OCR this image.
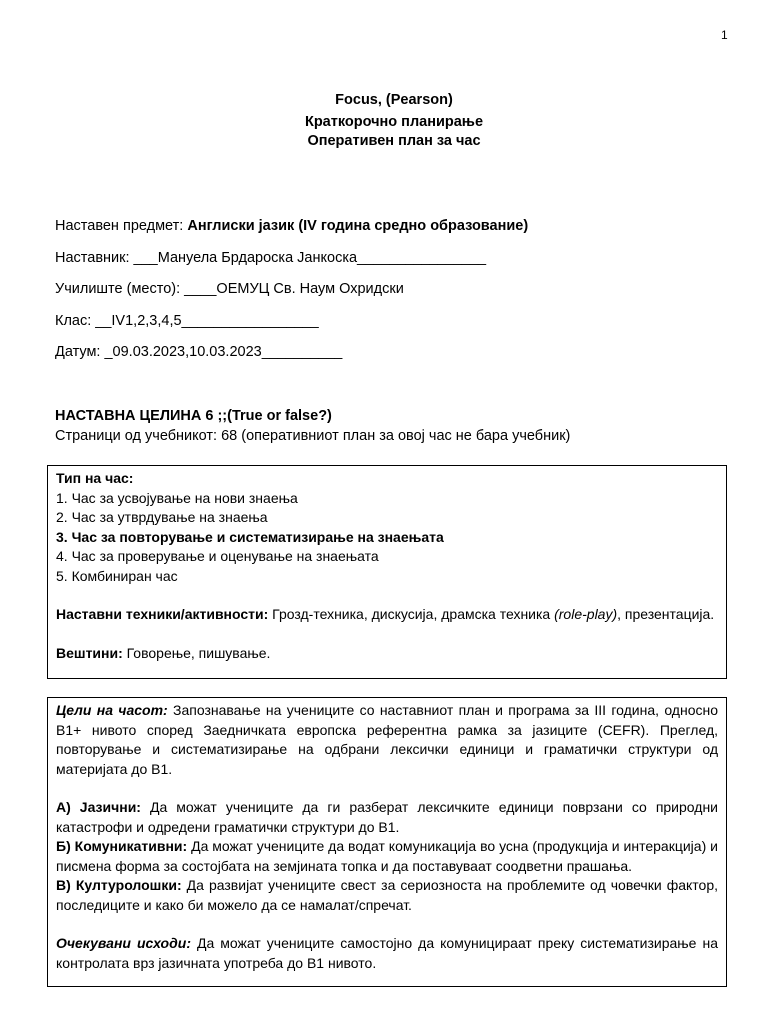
1
Focus, (Pearson)
Краткорочно планирање
Оперативен план за час
Наставен предмет: Англиски јазик (IV година средно образование)
Наставник: ___Мануела Брдароска Јанкоска________________
Училиште (место): ____ОЕМУЦ Св. Наум Охридски
Клас: __IV1,2,3,4,5_________________
Датум: _09.03.2023,10.03.2023__________
НАСТАВНА ЦЕЛИНА 6 ;;(True or false?)
Страници од учебникот: 68 (оперативниот план за овој час не бара учебник)

Тип на час:

1. Час за усвојување на нови знаења

2. Час за утврдување на знаења

3. Час за повторување и систематизирање на знаењата

4. Час за проверување и оценување на знаењата

5. Комбиниран час

Наставни техники/активности: Грозд-техника, дискусија, драмска техника (role-play), презентација.

Вештини: Говорење, пишување.

Цели на часот: Запознавање на учениците со наставниот план и програма за III година, односно B1+ нивото според Заедничката европска референтна рамка за јазиците (CEFR). Преглед, повторување и систематизирање на одбрани лексички единици и граматички структури од материјата до B1.

А) Јазични: Да можат учениците да ги разберат лексичките единици поврзани со природни катастрофи и одредени граматички структури до B1.

Б) Комуникативни: Да можат учениците да водат комуникација во усна (продукција и интеракција) и писмена форма за состојбата на земјината топка и да поставуваат соодветни прашања.

В) Културолошки: Да развијат учениците свест за сериозноста на проблемите од човечки фактор, последиците и како би можело да се намалат/спречат.

Очекувани исходи: Да можат учениците самостојно да комуницираат преку систематизирање на контролата врз јазичната употреба до B1 нивото.
